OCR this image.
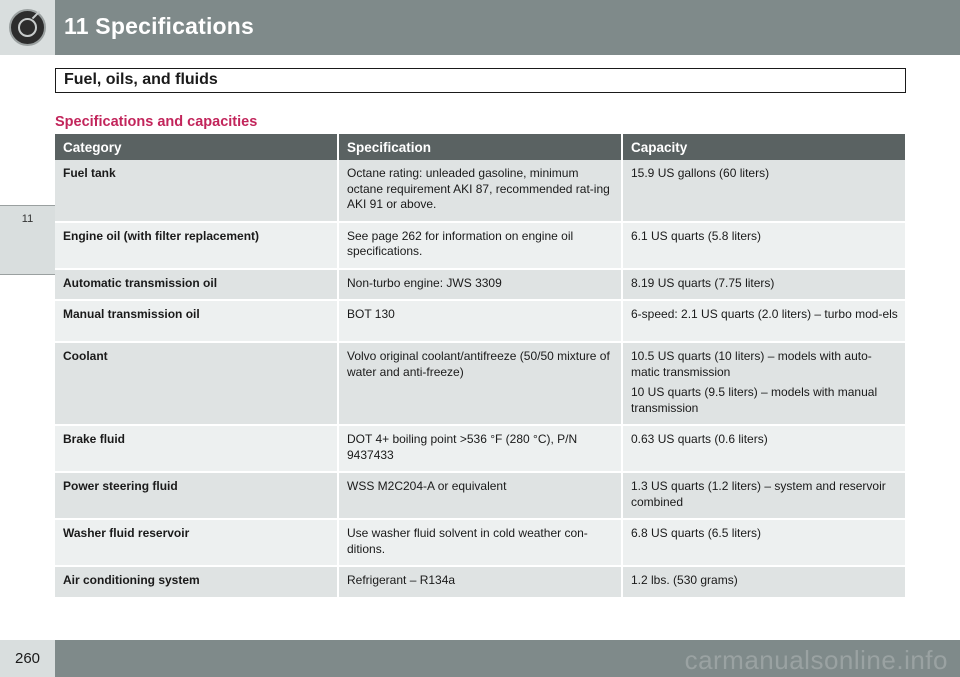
11 Specifications
11
Fuel, oils, and fluids
Specifications and capacities
Category	Specification	Capacity
Fuel tank	Octane rating: unleaded gasoline, minimum octane requirement AKI 87, recommended rat-ing AKI 91 or above.	15.9 US gallons (60 liters)

Engine oil (with filter replacement)	See page 262 for information on engine oil specifications.	6.1 US quarts (5.8 liters)

Automatic transmission oil	Non-turbo engine: JWS 3309	8.19 US quarts (7.75 liters)

Manual transmission oil	BOT 130	6-speed: 2.1 US quarts (2.0 liters) – turbo mod-els

Coolant	Volvo original coolant/antifreeze (50/50 mixture of water and anti-freeze)	10.5 US quarts (10 liters) – models with auto-matic transmission
10 US quarts (9.5 liters) – models with manual transmission

Brake fluid	DOT 4+ boiling point >536 °F (280 °C), P/N 9437433	0.63 US quarts (0.6 liters)

Power steering fluid	WSS M2C204-A or equivalent	1.3 US quarts (1.2 liters) – system and reservoir combined

Washer fluid reservoir	Use washer fluid solvent in cold weather con-ditions.	6.8 US quarts (6.5 liters)

Air conditioning system	Refrigerant – R134a	1.2 lbs. (530 grams)
260	carmanualsonline.info
